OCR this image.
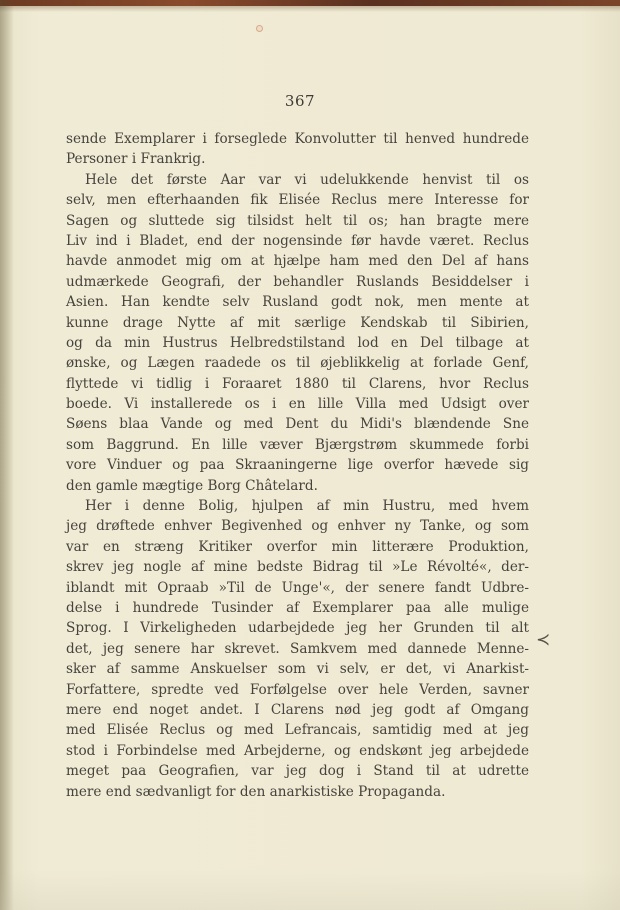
367
sende Exemplarer i forseglede Konvolutter til henved hundrede
Personer i Frankrig.
Hele det første Aar var vi udelukkende henvist til os
selv, men efterhaanden fik Elisée Reclus mere Interesse for
Sagen og sluttede sig tilsidst helt til os; han bragte mere
Liv ind i Bladet, end der nogensinde før havde været. Reclus
havde anmodet mig om at hjælpe ham med den Del af hans
udmærkede Geografi, der behandler Ruslands Besiddelser i
Asien. Han kendte selv Rusland godt nok, men mente at
kunne drage Nytte af mit særlige Kendskab til Sibirien,
og da min Hustrus Helbredstilstand lod en Del tilbage at
ønske, og Lægen raadede os til øjeblikkelig at forlade Genf,
flyttede vi tidlig i Foraaret 1880 til Clarens, hvor Reclus
boede. Vi installerede os i en lille Villa med Udsigt over
Søens blaa Vande og med Dent du Midi's blændende Sne
som Baggrund. En lille væver Bjærgstrøm skummede forbi
vore Vinduer og paa Skraaningerne lige overfor hævede sig
den gamle mægtige Borg Châtelard.
Her i denne Bolig, hjulpen af min Hustru, med hvem
jeg drøftede enhver Begivenhed og enhver ny Tanke, og som
var en stræng Kritiker overfor min litterære Produktion,
skrev jeg nogle af mine bedste Bidrag til »Le Révolté«, der-
iblandt mit Opraab »Til de Unge'«, der senere fandt Udbre-
delse i hundrede Tusinder af Exemplarer paa alle mulige
Sprog. I Virkeligheden udarbejdede jeg her Grunden til alt
det, jeg senere har skrevet. Samkvem med dannede Menne-
sker af samme Anskuelser som vi selv, er det, vi Anarkist-
Forfattere, spredte ved Forfølgelse over hele Verden, savner
mere end noget andet. I Clarens nød jeg godt af Omgang
med Elisée Reclus og med Lefrancais, samtidig med at jeg
stod i Forbindelse med Arbejderne, og endskønt jeg arbejdede
meget paa Geografien, var jeg dog i Stand til at udrette
mere end sædvanligt for den anarkistiske Propaganda.
≺
